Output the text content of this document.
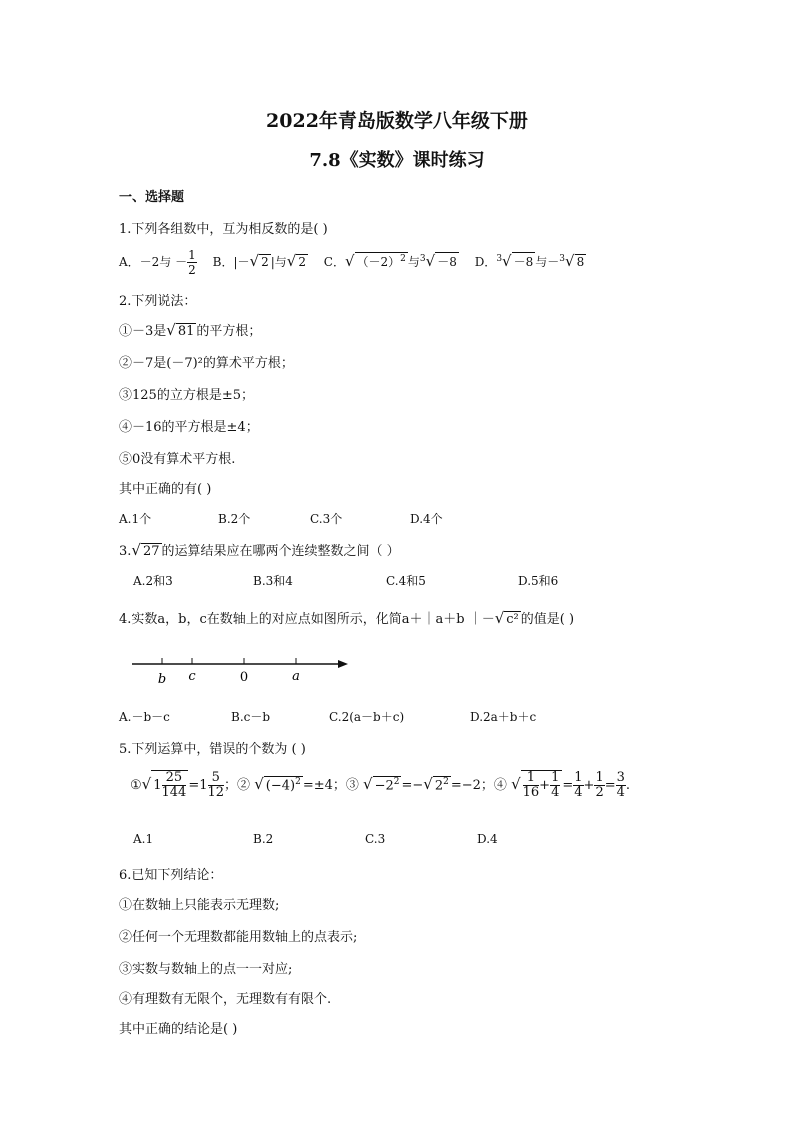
2022年青岛版数学八年级下册
7.8《实数》课时练习
一、选择题
1.下列各组数中，互为相反数的是( )
A．－2与 － $\frac{1}{2}$ B．|－√ 2 |与√ 2 C．√ $(-2)^2$ 与$^3$√ －8 D．$^3$√ －8 与－$^3$√ 8
2.下列说法：
①－3是√ 81 的平方根；
②－7是(－7)²的算术平方根；
③125的立方根是±5；
④－16的平方根是±4；
⑤0没有算术平方根.
其中正确的有( )
A.1个	B.2个	C.3个	D.4个
3.√ 27 的运算结果应在哪两个连续整数之间（ ）
A.2和3	B.3和4	C.4和5	D.5和6
4.实数a，b，c在数轴上的对应点如图所示，化简a＋｜a＋b ｜－√ c² 的值是( )
b c	0	a
A.－b－c	B.c－b	C.2(a－b＋c)	D.2a＋b＋c
5.下列运算中，错误的个数为 ( )
①√ $1 \frac{25}{144} =1 \frac{5}{12}$ ；② √ $(-4)^2 =\pm 4$；③ √ $-2^2$ =−√ $2^2 =-2$；④ √ $\frac{1}{16} + \frac{1}{4} = \frac{1}{4} + \frac{1}{2} = \frac{3}{4}$ .
A.1	B.2	C.3	D.4
6.已知下列结论：
①在数轴上只能表示无理数;
②任何一个无理数都能用数轴上的点表示;
③实数与数轴上的点一一对应;
④有理数有无限个，无理数有有限个.
其中正确的结论是( )
